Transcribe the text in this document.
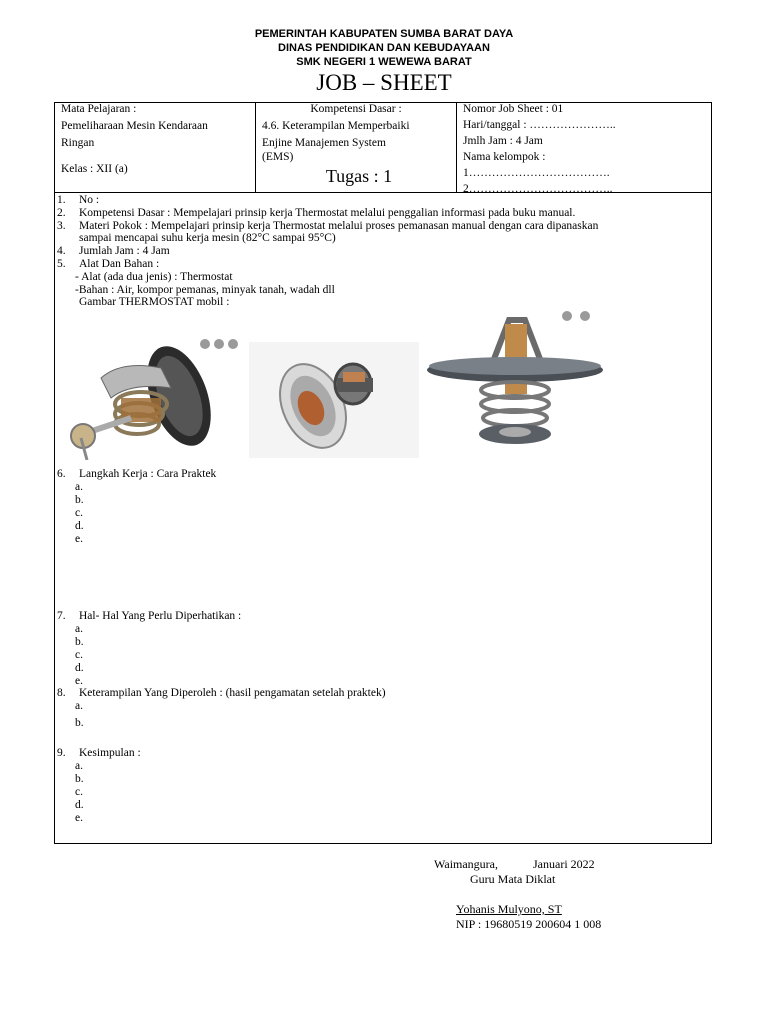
PEMERINTAH KABUPATEN SUMBA BARAT DAYA
DINAS PENDIDIKAN DAN KEBUDAYAAN
SMK NEGERI 1 WEWEWA BARAT
JOB – SHEET
Mata Pelajaran :
Pemeliharaan Mesin Kendaraan
Ringan
Kelas : XII (a)
Kompetensi Dasar :
4.6. Keterampilan Memperbaiki
Enjine Manajemen System
(EMS)
Tugas : 1
Nomor Job Sheet : 01
Hari/tanggal : …………………..
Jmlh Jam : 4 Jam
Nama kelompok :
1……………………………….
2………………………………..
1. No :
2. Kompetensi Dasar : Mempelajari prinsip kerja Thermostat melalui penggalian informasi pada buku manual.
3. Materi Pokok : Mempelajari prinsip kerja Thermostat melalui proses pemanasan manual dengan cara dipanaskan
sampai mencapai suhu kerja mesin (82°C sampai 95°C)
4. Jumlah Jam : 4 Jam
5. Alat Dan Bahan :
- Alat (ada dua jenis) : Thermostat
-Bahan : Air, kompor pemanas, minyak tanah, wadah dll
Gambar THERMOSTAT mobil :
6. Langkah Kerja : Cara Praktek
a.
b.
c.
d.
e.
7. Hal- Hal Yang Perlu Diperhatikan :
a.
b.
c.
d.
e.
8. Keterampilan Yang Diperoleh : (hasil pengamatan setelah praktek)
a.
b.
9. Kesimpulan :
a.
b.
c.
d.
e.
Waimangura,	Januari 2022
Guru Mata Diklat
Yohanis Mulyono, ST
NIP : 19680519 200604 1 008
